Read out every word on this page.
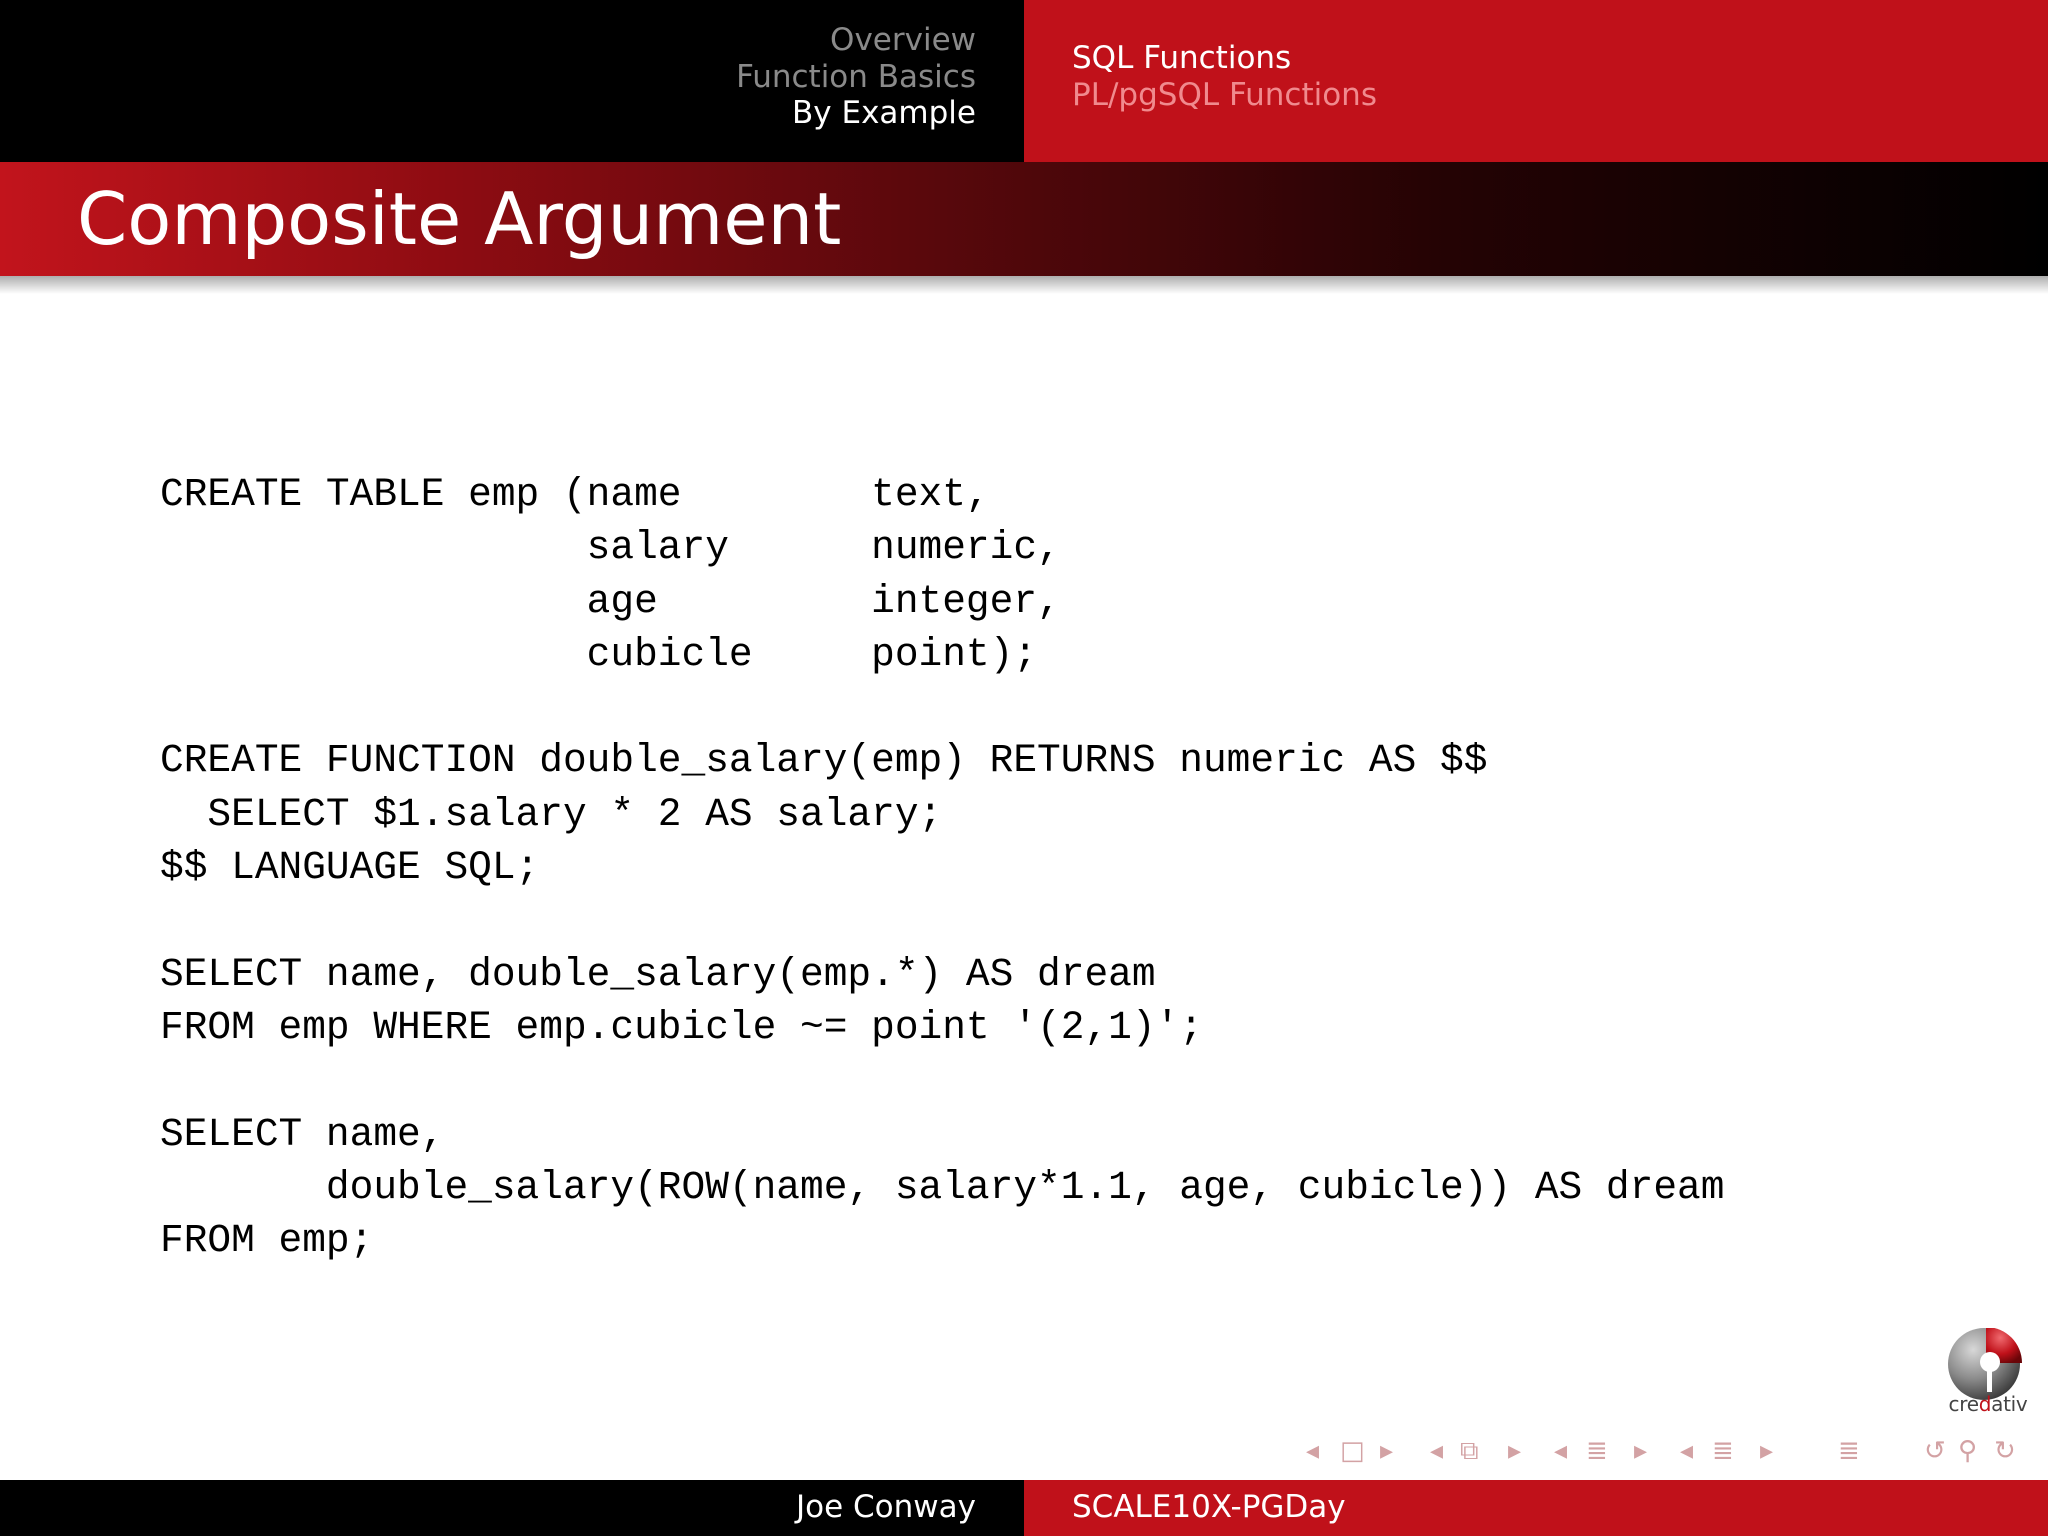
Overview
Function Basics
By Example
SQL Functions
PL/pgSQL Functions
Composite Argument
CREATE TABLE emp (name        text,
salary      numeric,
age         integer,
cubicle     point);

CREATE FUNCTION double_salary(emp) RETURNS numeric AS $$
SELECT $1.salary * 2 AS salary;
$$ LANGUAGE SQL;

SELECT name, double_salary(emp.*) AS dream
FROM emp WHERE emp.cubicle ~= point '(2,1)';

SELECT name,
double_salary(ROW(name, salary*1.1, age, cubicle)) AS dream
FROM emp;
credativ
◂ □ ▸ ◂ ⧉ ▸ ◂ ≣ ▸ ◂ ≣ ▸ ≣ ↺ ⚲ ↻
Joe Conway	SCALE10X-PGDay
